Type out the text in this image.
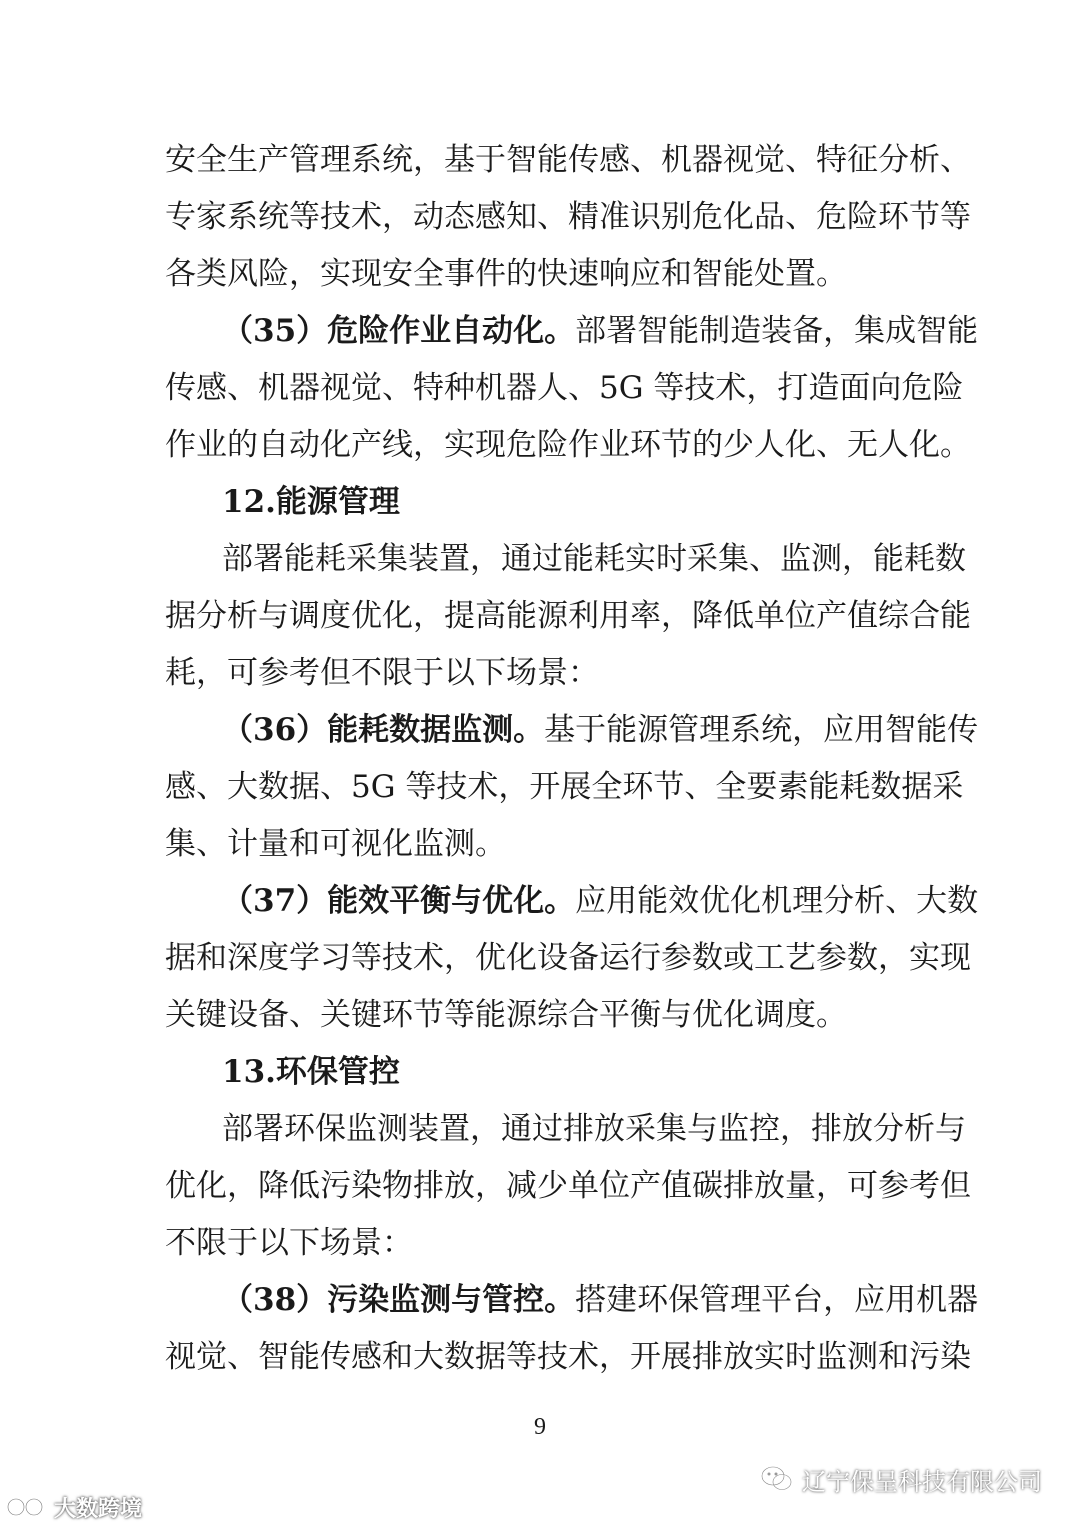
安全生产管理系统，基于智能传感、机器视觉、特征分析、
专家系统等技术，动态感知、精准识别危化品、危险环节等
各类风险，实现安全事件的快速响应和智能处置。
（35）危险作业自动化。部署智能制造装备，集成智能
传感、机器视觉、特种机器人、5G 等技术，打造面向危险
作业的自动化产线，实现危险作业环节的少人化、无人化。
12.能源管理
部署能耗采集装置，通过能耗实时采集、监测，能耗数
据分析与调度优化，提高能源利用率，降低单位产值综合能
耗，可参考但不限于以下场景：
（36）能耗数据监测。基于能源管理系统，应用智能传
感、大数据、5G 等技术，开展全环节、全要素能耗数据采
集、计量和可视化监测。
（37）能效平衡与优化。应用能效优化机理分析、大数
据和深度学习等技术，优化设备运行参数或工艺参数，实现
关键设备、关键环节等能源综合平衡与优化调度。
13.环保管控
部署环保监测装置，通过排放采集与监控，排放分析与
优化，降低污染物排放，减少单位产值碳排放量，可参考但
不限于以下场景：
（38）污染监测与管控。搭建环保管理平台，应用机器
视觉、智能传感和大数据等技术，开展排放实时监测和污染
9
辽宁保呈科技有限公司
大数跨境
